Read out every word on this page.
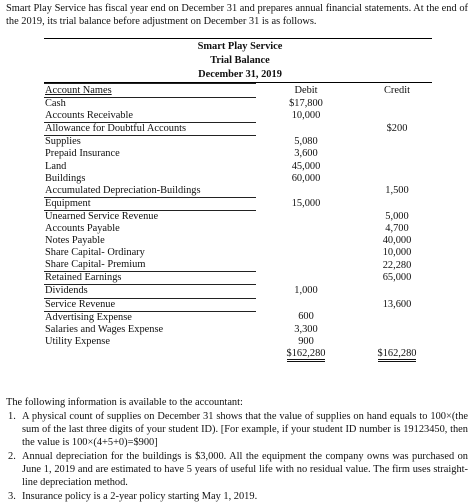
Smart Play Service has fiscal year end on December 31 and prepares annual financial statements. At the end of the 2019, its trial balance before adjustment on December 31 is as follows.
Smart Play Service
Trial Balance
December 31, 2019
Account Names	Debit	Credit
Cash	$17,800	
Accounts Receivable	10,000	
Allowance for Doubtful Accounts		$200
Supplies	5,080	
Prepaid Insurance	3,600	
Land	45,000	
Buildings	60,000	
Accumulated Depreciation-Buildings		1,500
Equipment	15,000	
Unearned Service Revenue		5,000
Accounts Payable		4,700
Notes Payable		40,000
Share Capital- Ordinary		10,000
Share Capital- Premium		22,280
Retained Earnings		65,000
Dividends	1,000	
Service Revenue		13,600
Advertising Expense	600	
Salaries and Wages Expense	3,300	
Utility Expense	900	
	$162,280	$162,280
The following information is available to the accountant:
1. A physical count of supplies on December 31 shows that the value of supplies on hand equals to 100×(the sum of the last three digits of your student ID). [For example, if your student ID number is 19123450, then the value is 100×(4+5+0)=$900]
2. Annual depreciation for the buildings is $3,000. All the equipment the company owns was purchased on June 1, 2019 and are estimated to have 5 years of useful life with no residual value. The firm uses straight-line depreciation method.
3. Insurance policy is a 2-year policy starting May 1, 2019.
